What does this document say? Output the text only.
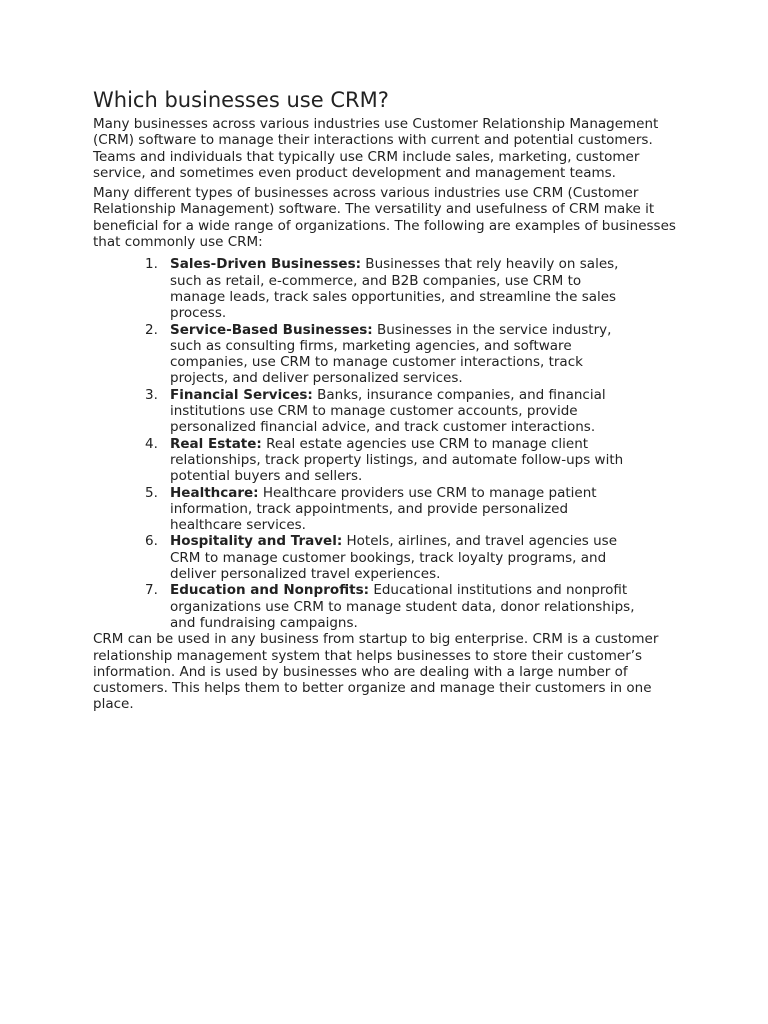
Which businesses use CRM?

Many businesses across various industries use Customer Relationship Management (CRM) software to manage their interactions with current and potential customers. Teams and individuals that typically use CRM include sales, marketing, customer service, and sometimes even product development and management teams.

Many different types of businesses across various industries use CRM (Customer Relationship Management) software. The versatility and usefulness of CRM make it beneficial for a wide range of organizations. The following are examples of businesses that commonly use CRM:

1. Sales-Driven Businesses: Businesses that rely heavily on sales, such as retail, e-commerce, and B2B companies, use CRM to manage leads, track sales opportunities, and streamline the sales process.
2. Service-Based Businesses: Businesses in the service industry, such as consulting firms, marketing agencies, and software companies, use CRM to manage customer interactions, track projects, and deliver personalized services.
3. Financial Services: Banks, insurance companies, and financial institutions use CRM to manage customer accounts, provide personalized financial advice, and track customer interactions.
4. Real Estate: Real estate agencies use CRM to manage client relationships, track property listings, and automate follow-ups with potential buyers and sellers.
5. Healthcare: Healthcare providers use CRM to manage patient information, track appointments, and provide personalized healthcare services.
6. Hospitality and Travel: Hotels, airlines, and travel agencies use CRM to manage customer bookings, track loyalty programs, and deliver personalized travel experiences.
7. Education and Nonprofits: Educational institutions and nonprofit organizations use CRM to manage student data, donor relationships, and fundraising campaigns.

CRM can be used in any business from startup to big enterprise. CRM is a customer relationship management system that helps businesses to store their customer’s information. And is used by businesses who are dealing with a large number of customers. This helps them to better organize and manage their customers in one place.
